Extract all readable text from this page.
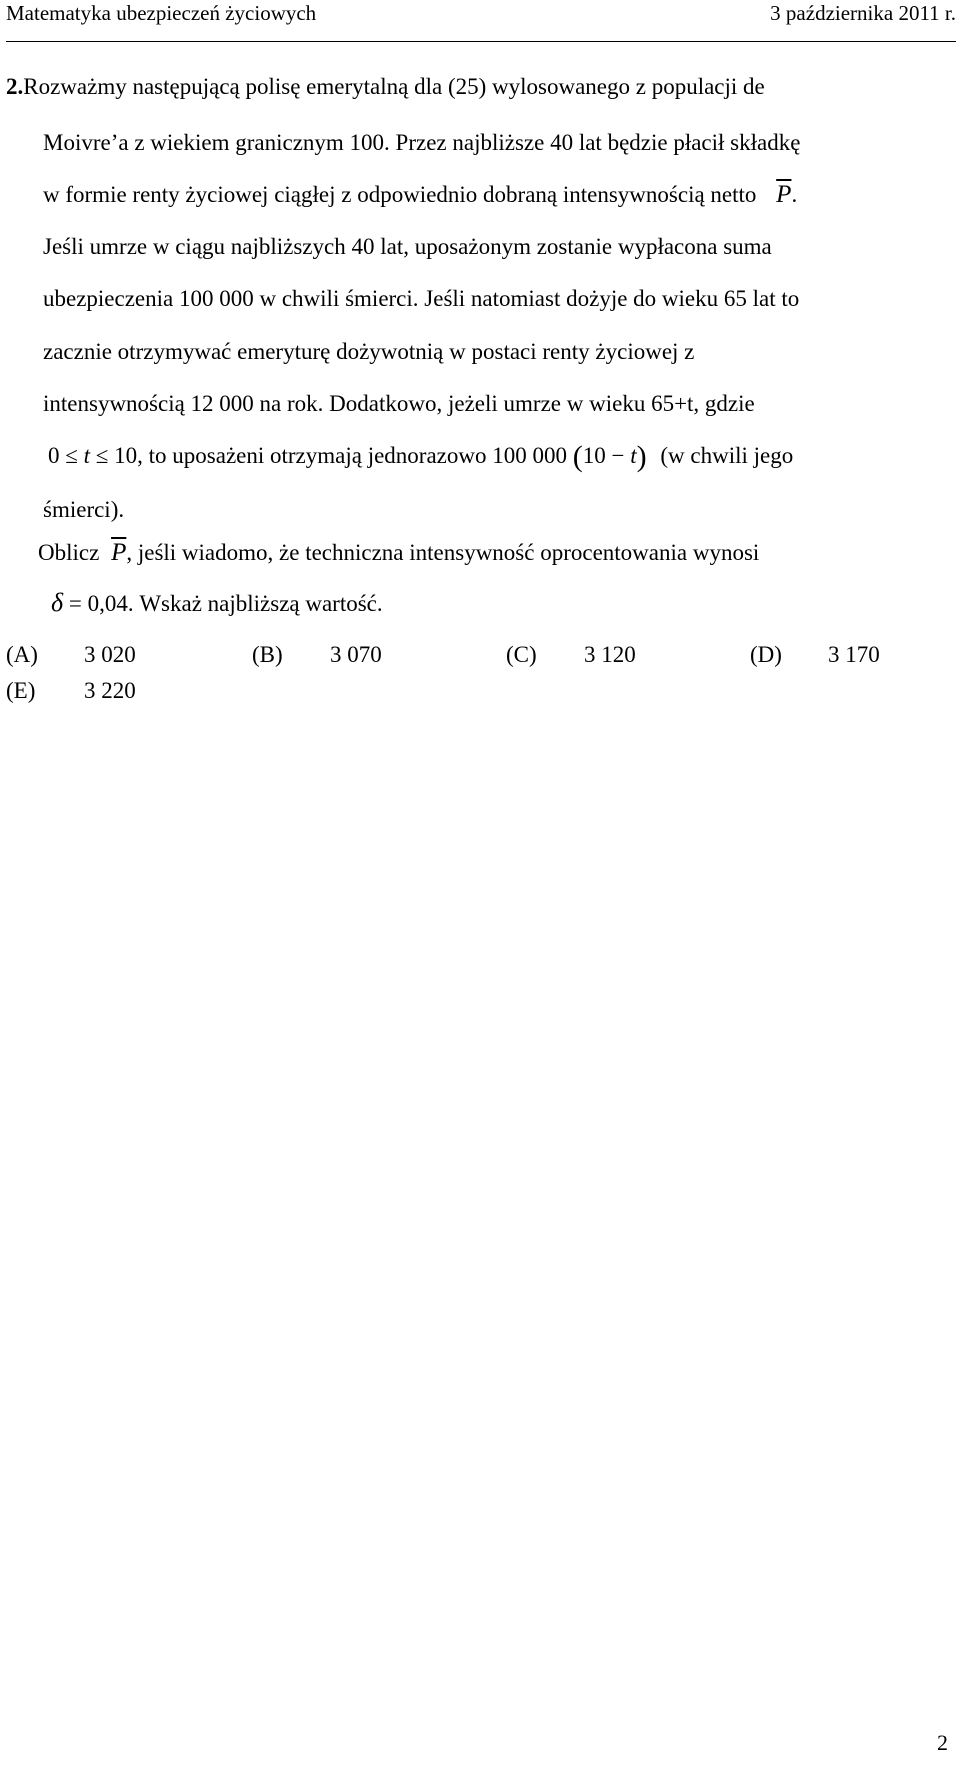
Matematyka ubezpieczeń życiowych	3 października 2011 r.
2.Rozważmy następującą polisę emerytalną dla (25) wylosowanego z populacji de
Moivre’a z wiekiem granicznym 100. Przez najbliższe 40 lat będzie płacił składkę
w formie renty życiowej ciągłej z odpowiednio dobraną intensywnością netto $\overline{P}$.
Jeśli umrze w ciągu najbliższych 40 lat, uposażonym zostanie wypłacona suma
ubezpieczenia 100 000 w chwili śmierci. Jeśli natomiast dożyje do wieku 65 lat to
zacznie otrzymywać emeryturę dożywotnią w postaci renty życiowej z
intensywnością 12 000 na rok. Dodatkowo, jeżeli umrze w wieku 65+t, gdzie
0 ≤ t ≤ 10, to uposażeni otrzymają jednorazowo 100 000 (10 − t) (w chwili jego
śmierci).
Oblicz $\overline{P}$, jeśli wiadomo, że techniczna intensywność oprocentowania wynosi
δ = 0,04. Wskaż najbliższą wartość.
(A) 3 020	(B) 3 070	(C) 3 120	(D) 3 170
(E) 3 220
2
